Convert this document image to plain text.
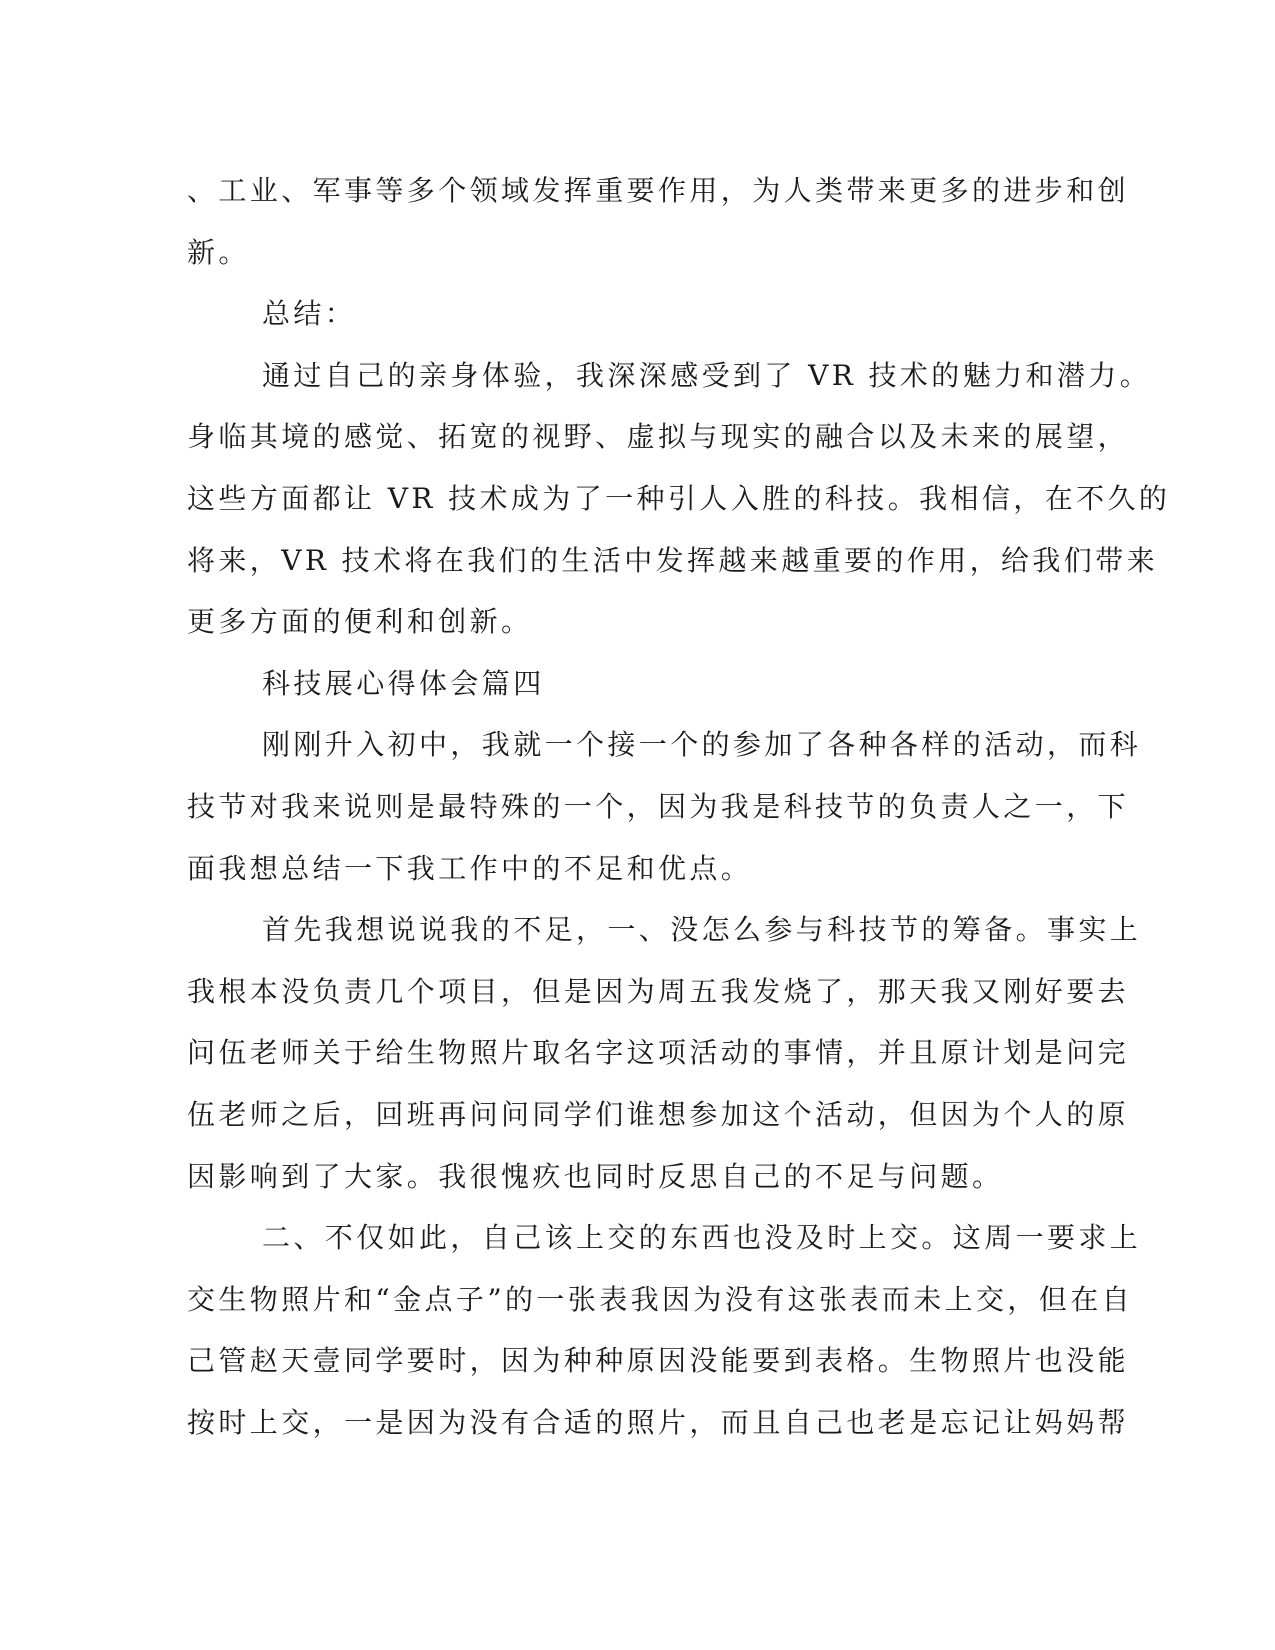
、工业、军事等多个领域发挥重要作用，为人类带来更多的进步和创

新。

总结：

通过自己的亲身体验，我深深感受到了 VR 技术的魅力和潜力。

身临其境的感觉、拓宽的视野、虚拟与现实的融合以及未来的展望，

这些方面都让 VR 技术成为了一种引人入胜的科技。我相信，在不久的

将来，VR 技术将在我们的生活中发挥越来越重要的作用，给我们带来

更多方面的便利和创新。

科技展心得体会篇四

刚刚升入初中，我就一个接一个的参加了各种各样的活动，而科

技节对我来说则是最特殊的一个，因为我是科技节的负责人之一，下

面我想总结一下我工作中的不足和优点。

首先我想说说我的不足，一、没怎么参与科技节的筹备。事实上

我根本没负责几个项目，但是因为周五我发烧了，那天我又刚好要去

问伍老师关于给生物照片取名字这项活动的事情，并且原计划是问完

伍老师之后，回班再问问同学们谁想参加这个活动，但因为个人的原

因影响到了大家。我很愧疚也同时反思自己的不足与问题。

二、不仅如此，自己该上交的东西也没及时上交。这周一要求上

交生物照片和“金点子”的一张表我因为没有这张表而未上交，但在自

己管赵天壹同学要时，因为种种原因没能要到表格。生物照片也没能

按时上交，一是因为没有合适的照片，而且自己也老是忘记让妈妈帮
